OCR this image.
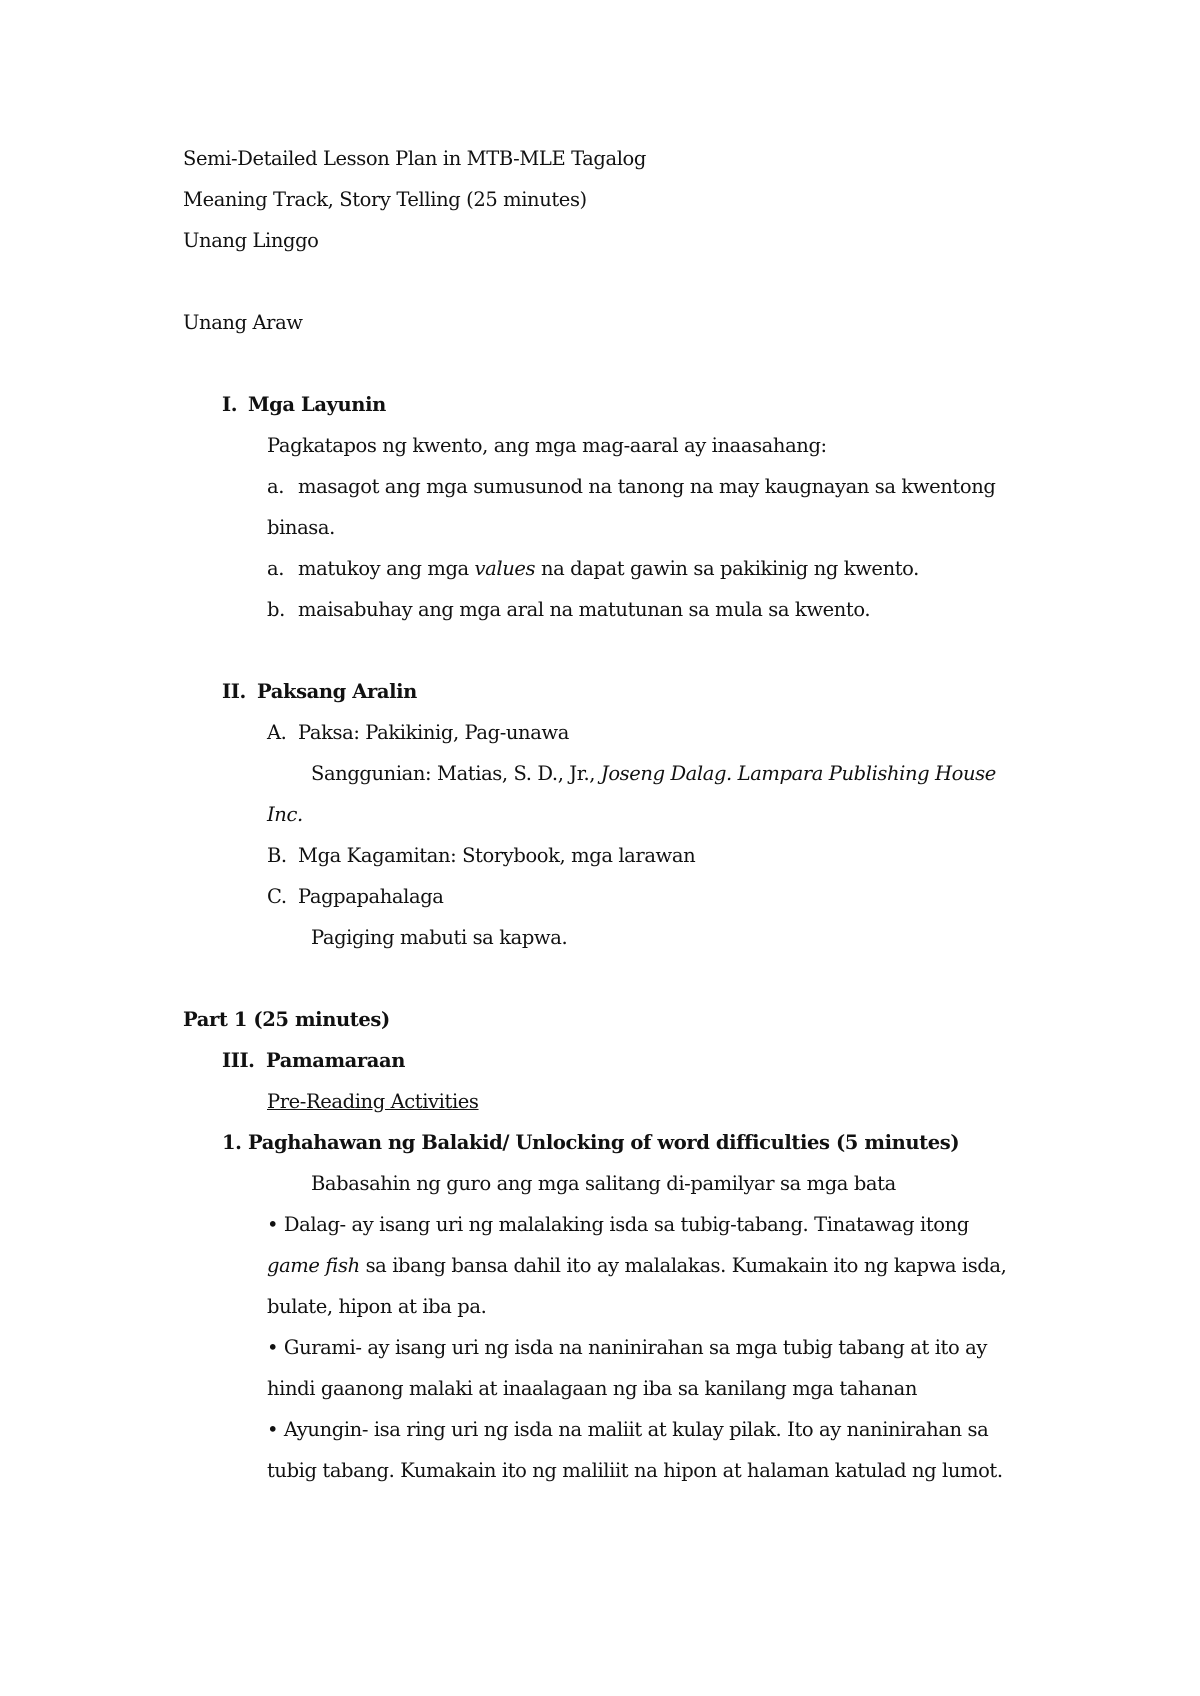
Semi-Detailed Lesson Plan in MTB-MLE Tagalog
Meaning Track, Story Telling (25 minutes)
Unang Linggo
Unang Araw
I. Mga Layunin
Pagkatapos ng kwento, ang mga mag-aaral ay inaasahang:
a. masagot ang mga sumusunod na tanong na may kaugnayan sa kwentong
binasa.
a. matukoy ang mga values na dapat gawin sa pakikinig ng kwento.
b. maisabuhay ang mga aral na matutunan sa mula sa kwento.
II. Paksang Aralin
A. Paksa: Pakikinig, Pag-unawa
Sanggunian: Matias, S. D., Jr., Joseng Dalag. Lampara Publishing House
Inc.
B. Mga Kagamitan: Storybook, mga larawan
C. Pagpapahalaga
Pagiging mabuti sa kapwa.
Part 1 (25 minutes)
III. Pamamaraan
Pre-Reading Activities
1. Paghahawan ng Balakid/ Unlocking of word difficulties (5 minutes)
Babasahin ng guro ang mga salitang di-pamilyar sa mga bata
• Dalag- ay isang uri ng malalaking isda sa tubig-tabang. Tinatawag itong
game fish sa ibang bansa dahil ito ay malalakas. Kumakain ito ng kapwa isda,
bulate, hipon at iba pa.
• Gurami- ay isang uri ng isda na naninirahan sa mga tubig tabang at ito ay
hindi gaanong malaki at inaalagaan ng iba sa kanilang mga tahanan
• Ayungin- isa ring uri ng isda na maliit at kulay pilak. Ito ay naninirahan sa
tubig tabang. Kumakain ito ng maliliit na hipon at halaman katulad ng lumot.
